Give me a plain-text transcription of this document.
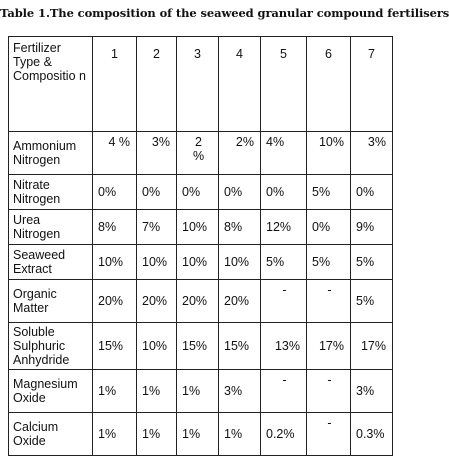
Table 1.The composition of the seaweed granular compound fertilisers
Fertilizer Type & Compositio n	1	2	3	4	5	6	7
Ammonium Nitrogen	4 %	3%	2 %	2%	4%	10%	3%
Nitrate Nitrogen	0%	0%	0%	0%	0%	5%	0%
Urea Nitrogen	8%	7%	10%	8%	12%	0%	9%
Seaweed Extract	10%	10%	10%	10%	5%	5%	5%
Organic Matter	20%	20%	20%	20%	-	-	5%
Soluble Sulphuric Anhydride	15%	10%	15%	15%	13%	17%	17%
Magnesium Oxide	1%	1%	1%	3%	-	-	3%
Calcium Oxide	1%	1%	1%	1%	0.2%	-	0.3%
